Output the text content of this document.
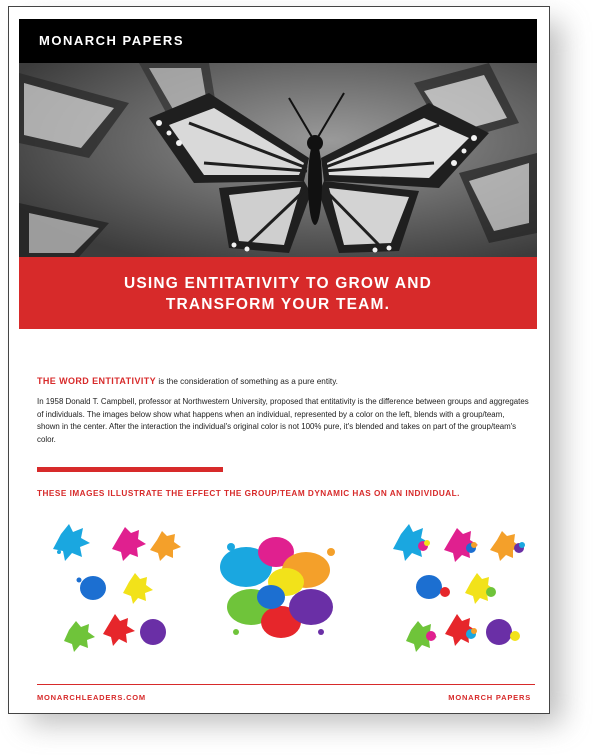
MONARCH PAPERS
USING ENTITATIVITY TO GROW AND TRANSFORM YOUR TEAM.
THE WORD ENTITATIVITY is the consideration of something as a pure entity.
In 1958 Donald T. Campbell, professor at Northwestern University, proposed that entitativity is the difference between groups and aggregates of individuals. The images below show what happens when an individual, represented by a color on the left, blends with a group/team, shown in the center. After the interaction the individual's original color is not 100% pure, it's blended and takes on part of the group/team's color.
THESE IMAGES ILLUSTRATE THE EFFECT THE GROUP/TEAM DYNAMIC HAS ON AN INDIVIDUAL.
MONARCHLEADERS.COM	MONARCH PAPERS
